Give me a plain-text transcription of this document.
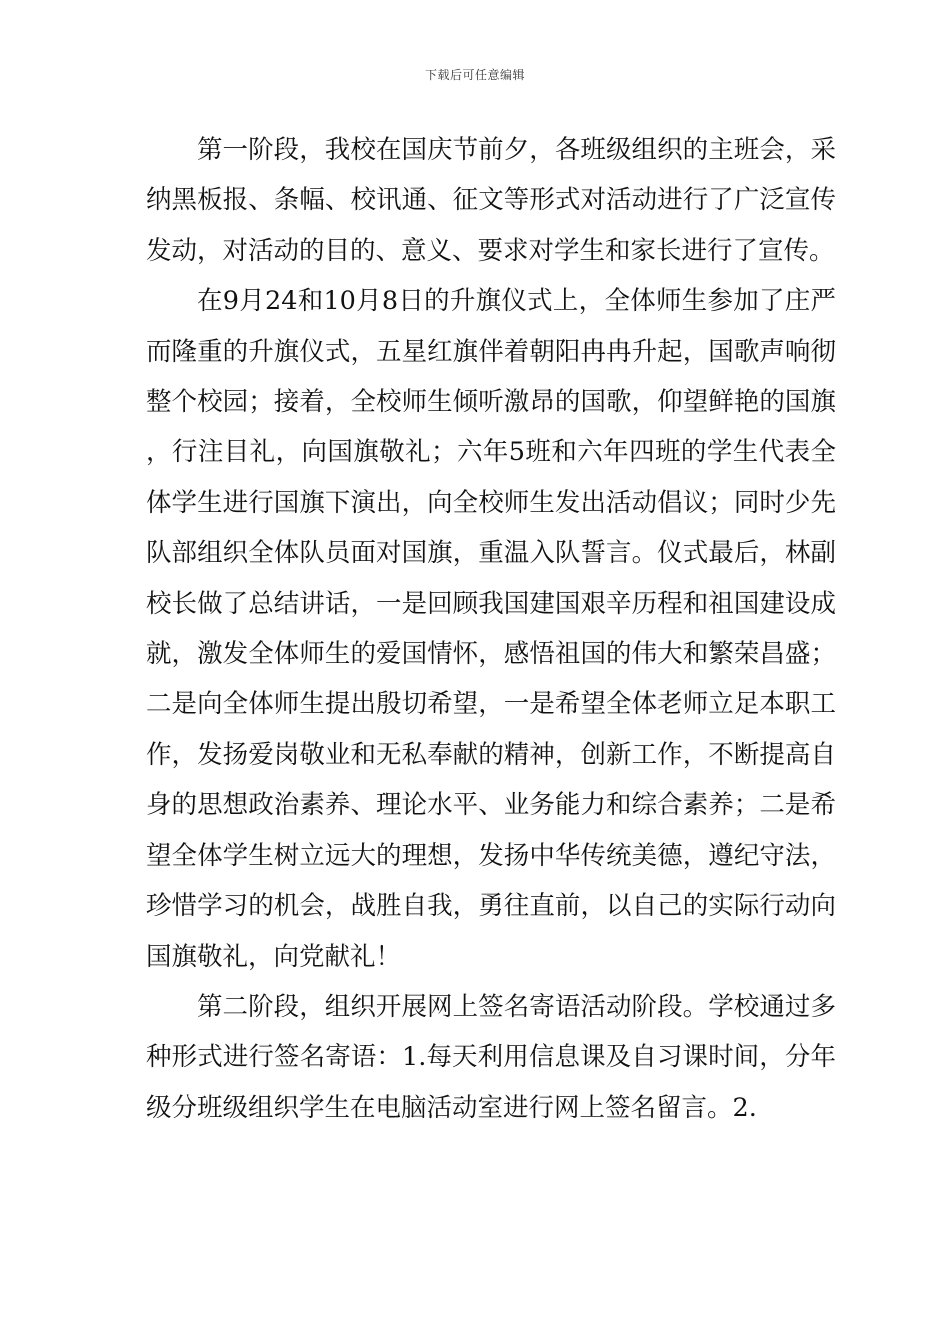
下载后可任意编辑

第一阶段，我校在国庆节前夕，各班级组织的主班会，采纳黑板报、条幅、校讯通、征文等形式对活动进行了广泛宣传发动，对活动的目的、意义、要求对学生和家长进行了宣传。

在9月24和10月8日的升旗仪式上，全体师生参加了庄严而隆重的升旗仪式，五星红旗伴着朝阳冉冉升起，国歌声响彻整个校园；接着，全校师生倾听激昂的国歌，仰望鲜艳的国旗，行注目礼，向国旗敬礼；六年5班和六年四班的学生代表全体学生进行国旗下演出，向全校师生发出活动倡议；同时少先队部组织全体队员面对国旗，重温入队誓言。仪式最后，林副校长做了总结讲话，一是回顾我国建国艰辛历程和祖国建设成就，激发全体师生的爱国情怀，感悟祖国的伟大和繁荣昌盛；二是向全体师生提出殷切希望，一是希望全体老师立足本职工作，发扬爱岗敬业和无私奉献的精神，创新工作，不断提高自身的思想政治素养、理论水平、业务能力和综合素养；二是希望全体学生树立远大的理想，发扬中华传统美德，遵纪守法，珍惜学习的机会，战胜自我，勇往直前，以自己的实际行动向国旗敬礼，向党献礼！

第二阶段，组织开展网上签名寄语活动阶段。学校通过多种形式进行签名寄语：1.每天利用信息课及自习课时间，分年级分班级组织学生在电脑活动室进行网上签名留言。2.
